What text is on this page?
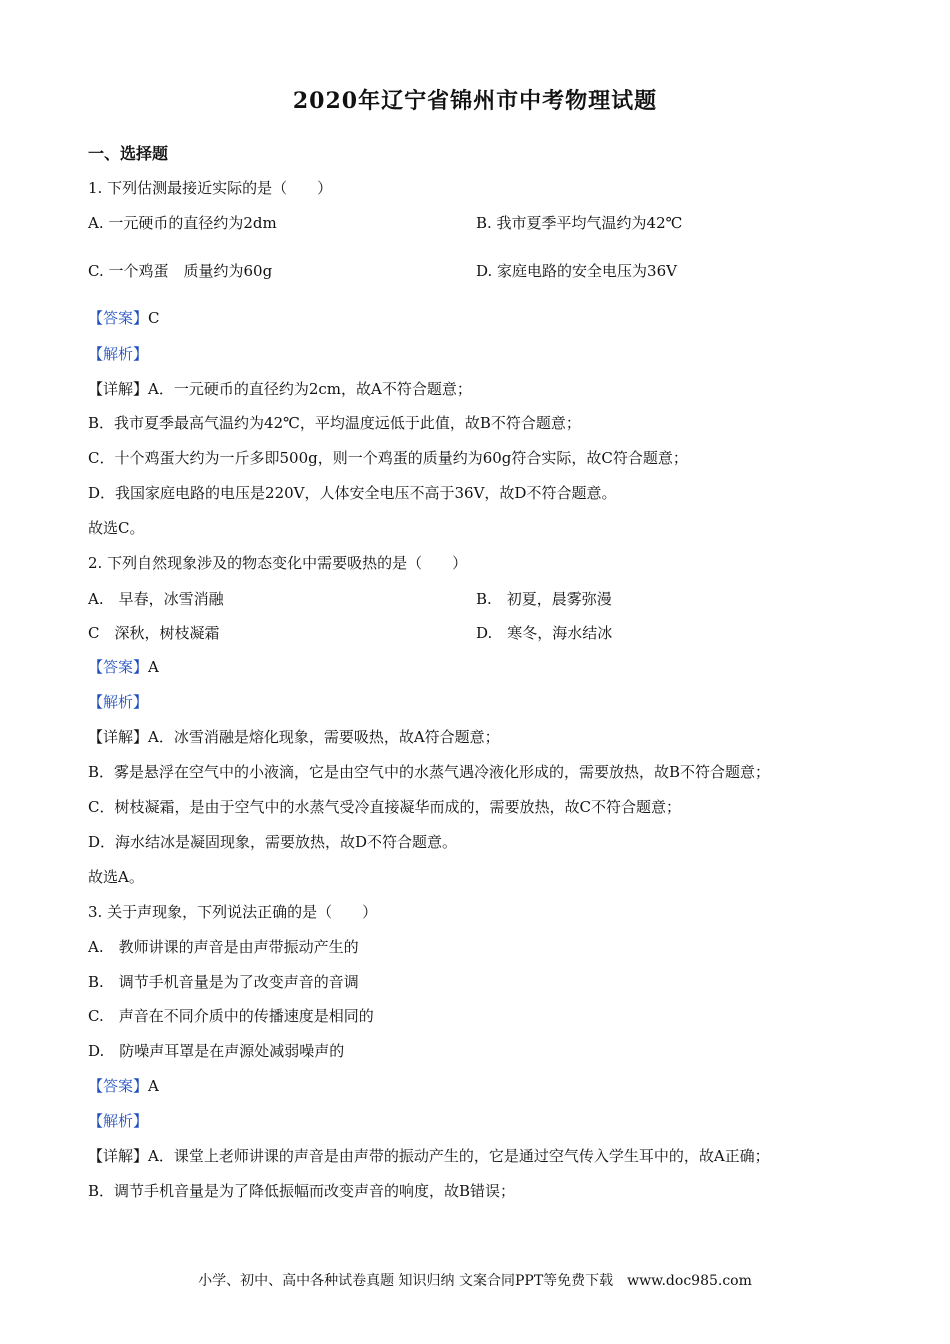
2020年辽宁省锦州市中考物理试题
一、选择题
1. 下列估测最接近实际的是（　　）
A. 一元硬币的直径约为2dm	B. 我市夏季平均气温约为42℃
C. 一个鸡蛋　质量约为60g	D. 家庭电路的安全电压为36V
【答案】C
【解析】
【详解】A．一元硬币的直径约为2cm，故A不符合题意；
B．我市夏季最高气温约为42℃，平均温度远低于此值，故B不符合题意；
C．十个鸡蛋大约为一斤多即500g，则一个鸡蛋的质量约为60g符合实际，故C符合题意；
D．我国家庭电路的电压是220V，人体安全电压不高于36V，故D不符合题意。
故选C。
2. 下列自然现象涉及的物态变化中需要吸热的是（　　）
A.　早春，冰雪消融	B.　初夏，晨雾弥漫
C　深秋，树枝凝霜	D.　寒冬，海水结冰
【答案】A
【解析】
【详解】A．冰雪消融是熔化现象，需要吸热，故A符合题意；
B．雾是悬浮在空气中的小液滴，它是由空气中的水蒸气遇冷液化形成的，需要放热，故B不符合题意；
C．树枝凝霜，是由于空气中的水蒸气受冷直接凝华而成的，需要放热，故C不符合题意；
D．海水结冰是凝固现象，需要放热，故D不符合题意。
故选A。
3. 关于声现象，下列说法正确的是（　　）
A.　教师讲课的声音是由声带振动产生的
B.　调节手机音量是为了改变声音的音调
C.　声音在不同介质中的传播速度是相同的
D.　防噪声耳罩是在声源处减弱噪声的
【答案】A
【解析】
【详解】A．课堂上老师讲课的声音是由声带的振动产生的，它是通过空气传入学生耳中的，故A正确；
B．调节手机音量是为了降低振幅而改变声音的响度，故B错误；
小学、初中、高中各种试卷真题 知识归纳 文案合同PPT等免费下载　www.doc985.com
